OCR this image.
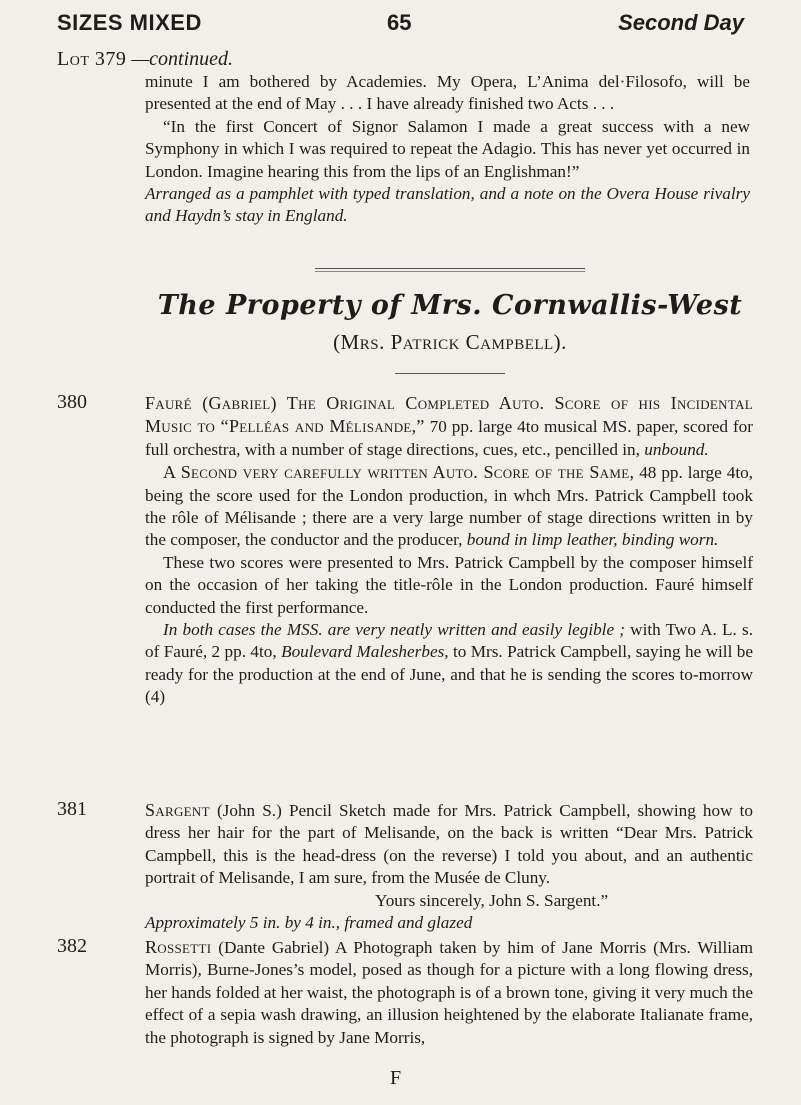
SIZES MIXED	65	Second Day
Lot 379 —continued.

minute I am bothered by Academies. My Opera, L’Anima del·Filosofo, will be presented at the end of May . . . I have already finished two Acts . . .

“In the first Concert of Signor Salamon I made a great success with a new Symphony in which I was required to repeat the Adagio. This has never yet occurred in London. Imagine hearing this from the lips of an Englishman!”

Arranged as a pamphlet with typed translation, and a note on the Overa House rivalry and Haydn’s stay in England.

The Property of Mrs. Cornwallis-West
(Mrs. Patrick Campbell).
380	Fauré (Gabriel) The Original Completed Auto. Score of his Incidental Music to “Pelléas and Mélisande,” 70 pp. large 4to musical MS. paper, scored for full orchestra, with a number of stage directions, cues, etc., pencilled in, unbound.

A Second very carefully written Auto. Score of the Same, 48 pp. large 4to, being the score used for the London production, in whch Mrs. Patrick Campbell took the rôle of Mélisande ; there are a very large number of stage directions written in by the composer, the conductor and the producer, bound in limp leather, binding worn.

These two scores were presented to Mrs. Patrick Campbell by the composer himself on the occasion of her taking the title-rôle in the London production. Fauré himself conducted the first performance.

In both cases the MSS. are very neatly written and easily legible ; with Two A. L. s. of Fauré, 2 pp. 4to, Boulevard Malesherbes, to Mrs. Patrick Campbell, saying he will be ready for the production at the end of June, and that he is sending the scores to-morrow (4)

381	Sargent (John S.) Pencil Sketch made for Mrs. Patrick Campbell, showing how to dress her hair for the part of Melisande, on the back is written “Dear Mrs. Patrick Campbell, this is the head-dress (on the reverse) I told you about, and an authentic portrait of Melisande, I am sure, from the Musée de Cluny.

Yours sincerely, John S. Sargent.”

Approximately 5 in. by 4 in., framed and glazed

382	Rossetti (Dante Gabriel) A Photograph taken by him of Jane Morris (Mrs. William Morris), Burne-Jones’s model, posed as though for a picture with a long flowing dress, her hands folded at her waist, the photograph is of a brown tone, giving it very much the effect of a sepia wash drawing, an illusion heightened by the elaborate Italianate frame, the photograph is signed by Jane Morris,

F
